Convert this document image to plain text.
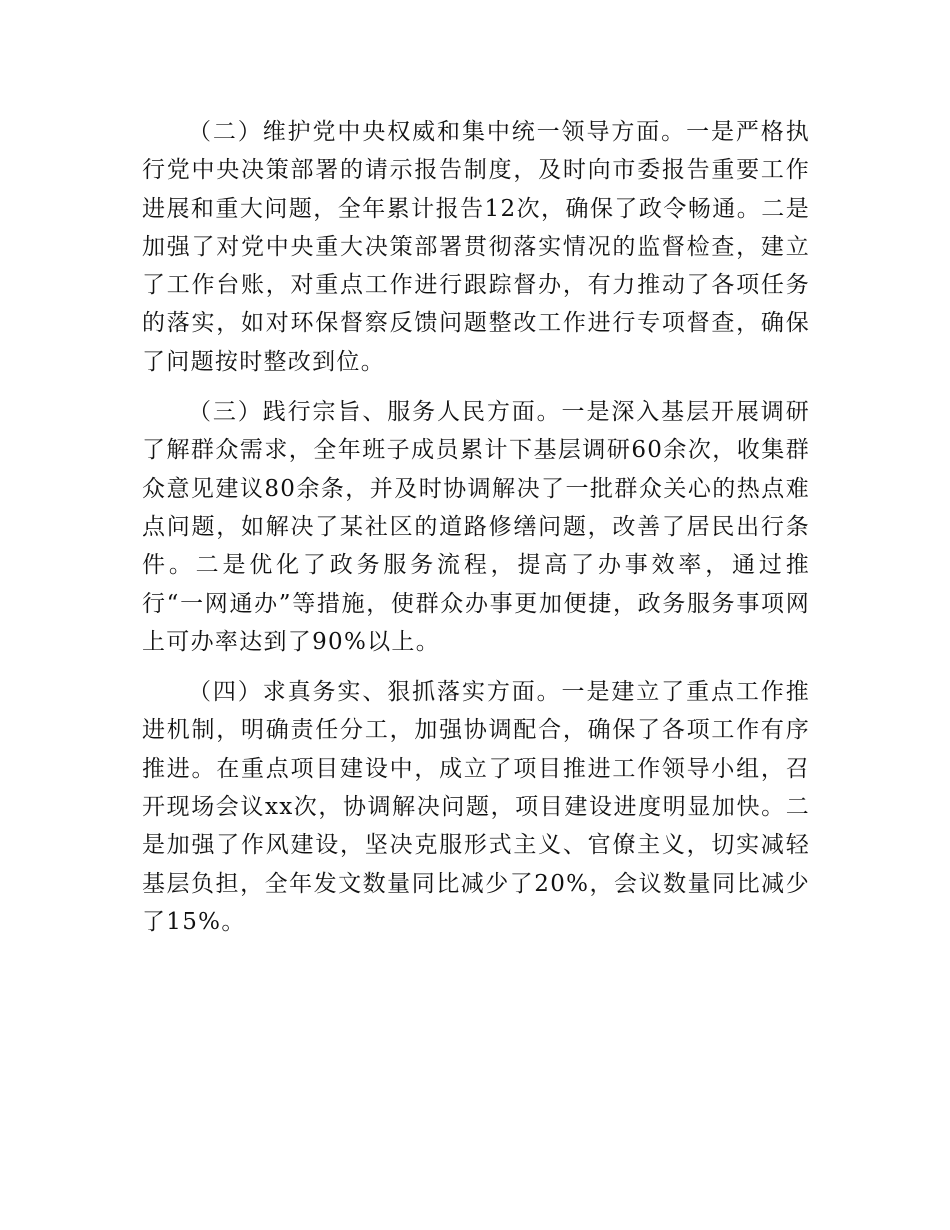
（二）维护党中央权威和集中统一领导方面。一是严格执行党中央决策部署的请示报告制度，及时向市委报告重要工作进展和重大问题，全年累计报告12次，确保了政令畅通。二是加强了对党中央重大决策部署贯彻落实情况的监督检查，建立了工作台账，对重点工作进行跟踪督办，有力推动了各项任务的落实，如对环保督察反馈问题整改工作进行专项督查，确保了问题按时整改到位。

（三）践行宗旨、服务人民方面。一是深入基层开展调研了解群众需求，全年班子成员累计下基层调研60余次，收集群众意见建议80余条，并及时协调解决了一批群众关心的热点难点问题，如解决了某社区的道路修缮问题，改善了居民出行条件。二是优化了政务服务流程，提高了办事效率，通过推行“一网通办”等措施，使群众办事更加便捷，政务服务事项网上可办率达到了90%以上。

（四）求真务实、狠抓落实方面。一是建立了重点工作推进机制，明确责任分工，加强协调配合，确保了各项工作有序推进。在重点项目建设中，成立了项目推进工作领导小组，召开现场会议xx次，协调解决问题，项目建设进度明显加快。二是加强了作风建设，坚决克服形式主义、官僚主义，切实减轻基层负担，全年发文数量同比减少了20%，会议数量同比减少了15%。
